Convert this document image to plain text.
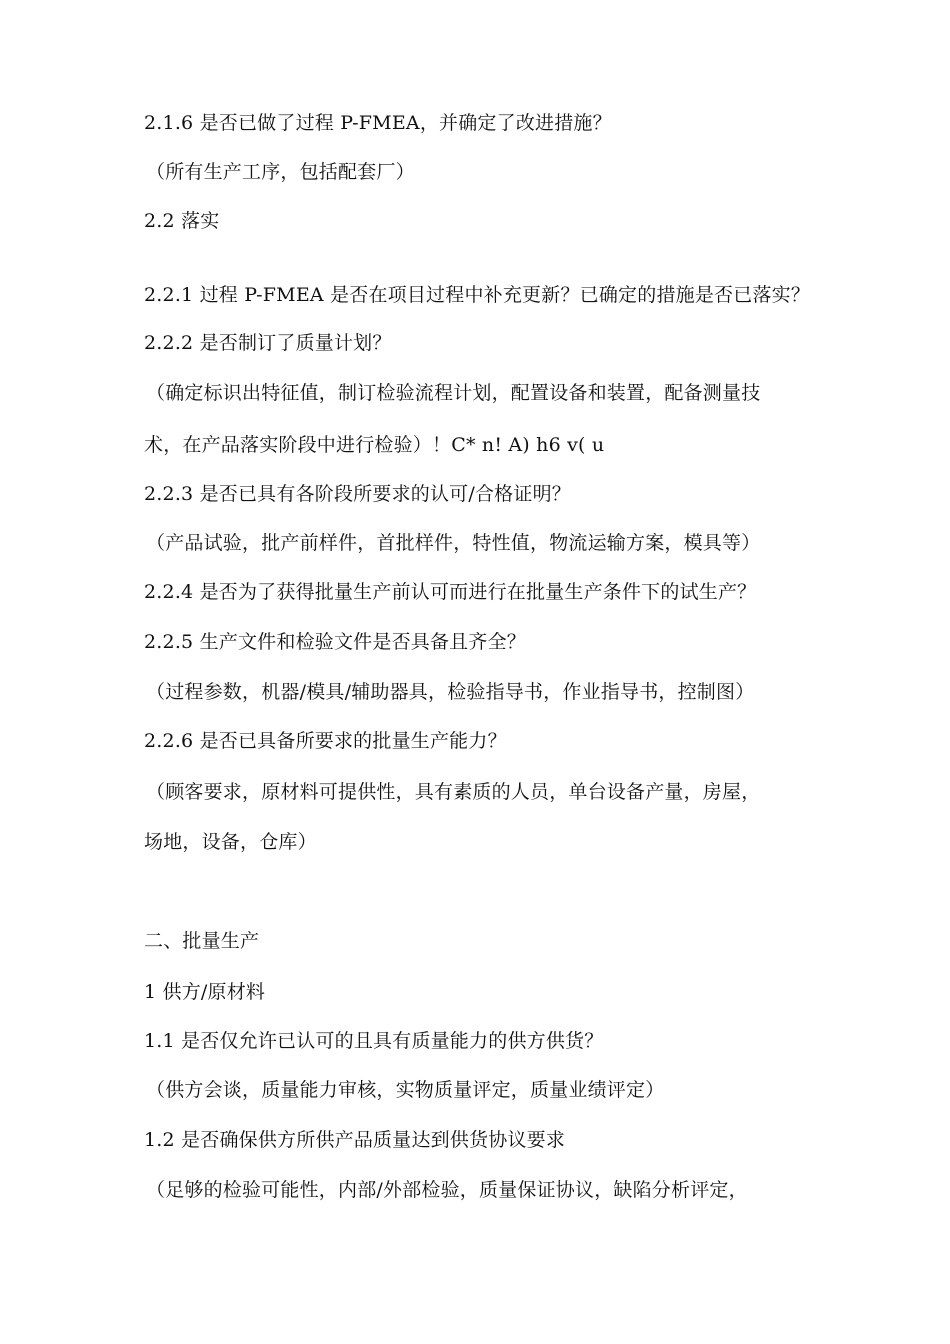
2.1.6 是否已做了过程 P-FMEA，并确定了改进措施？
（所有生产工序，包括配套厂）
2.2 落实
2.2.1 过程 P-FMEA 是否在项目过程中补充更新？已确定的措施是否已落实？
2.2.2 是否制订了质量计划？
（确定标识出特征值，制订检验流程计划，配置设备和装置，配备测量技
术，在产品落实阶段中进行检验）！C* n! A) h6 v( u
2.2.3 是否已具有各阶段所要求的认可/合格证明？
（产品试验，批产前样件，首批样件，特性值，物流运输方案，模具等）
2.2.4 是否为了获得批量生产前认可而进行在批量生产条件下的试生产？
2.2.5 生产文件和检验文件是否具备且齐全？
（过程参数，机器/模具/辅助器具，检验指导书，作业指导书，控制图）
2.2.6 是否已具备所要求的批量生产能力？
（顾客要求，原材料可提供性，具有素质的人员，单台设备产量，房屋，
场地，设备，仓库）
二、批量生产
1 供方/原材料
1.1 是否仅允许已认可的且具有质量能力的供方供货？
（供方会谈，质量能力审核，实物质量评定，质量业绩评定）
1.2 是否确保供方所供产品质量达到供货协议要求
（足够的检验可能性，内部/外部检验，质量保证协议，缺陷分析评定，
